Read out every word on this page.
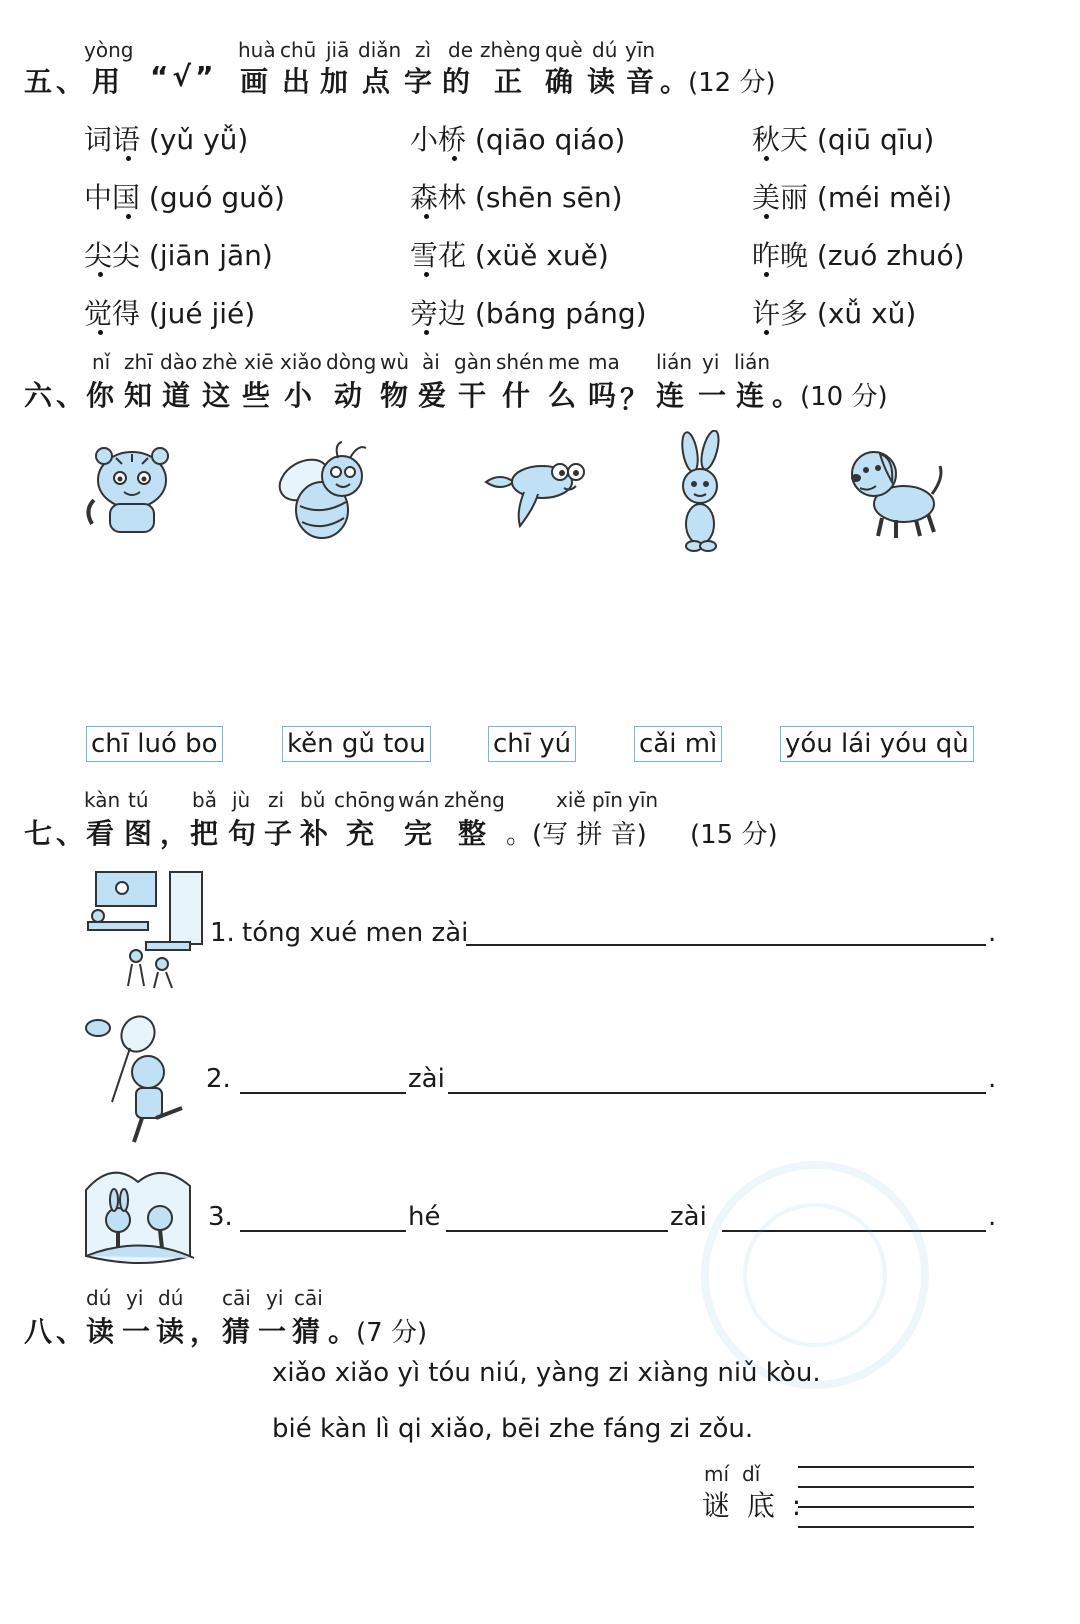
yòng	huà chū jiā diǎn zì de zhèng què dú yīn
五、 用 “√” 画 出 加 点 字 的 正 确 读 音 。
(12 分)
词语 (yǔ yǚ)	小桥 (qiāo qiáo)	秋天 (qiū qīu)
中国 (guó guǒ)	森林 (shēn sēn)	美丽 (méi měi)
尖尖 (jiān jān)	雪花 (xüě xuě)	昨晚 (zuó zhuó)
觉得 (jué jié)	旁边 (báng páng)	许多 (xǚ xǔ)
nǐ zhī dào zhè xiē xiǎo dòng wù ài gàn shén me ma lián yi lián
六、
你 知 道 这 些 小 动 物 爱 干 什 么 吗 ？ 连 一 连 。
(10 分)
chī luó bo	kěn gǔ tou	chī yú	cǎi mì	yóu lái yóu qù
kàn tú bǎ jù zi bǔ chōng wán zhěng	xiě pīn yīn
七、
看 图 ，
把 句 子 补 充 完 整 。(写 拼 音) (15 分)
1. tóng xué men zài	.
2.	zài	.
3.	hé	zài	.
dú yi dú cāi yi cāi
八、
读 一 读 ， 猜 一 猜 。
(7 分)
xiǎo xiǎo yì tóu niú, yàng zi xiàng niǔ kòu.
bié kàn lì qi xiǎo, bēi zhe fáng zi zǒu.
mí dǐ
谜 底 :
